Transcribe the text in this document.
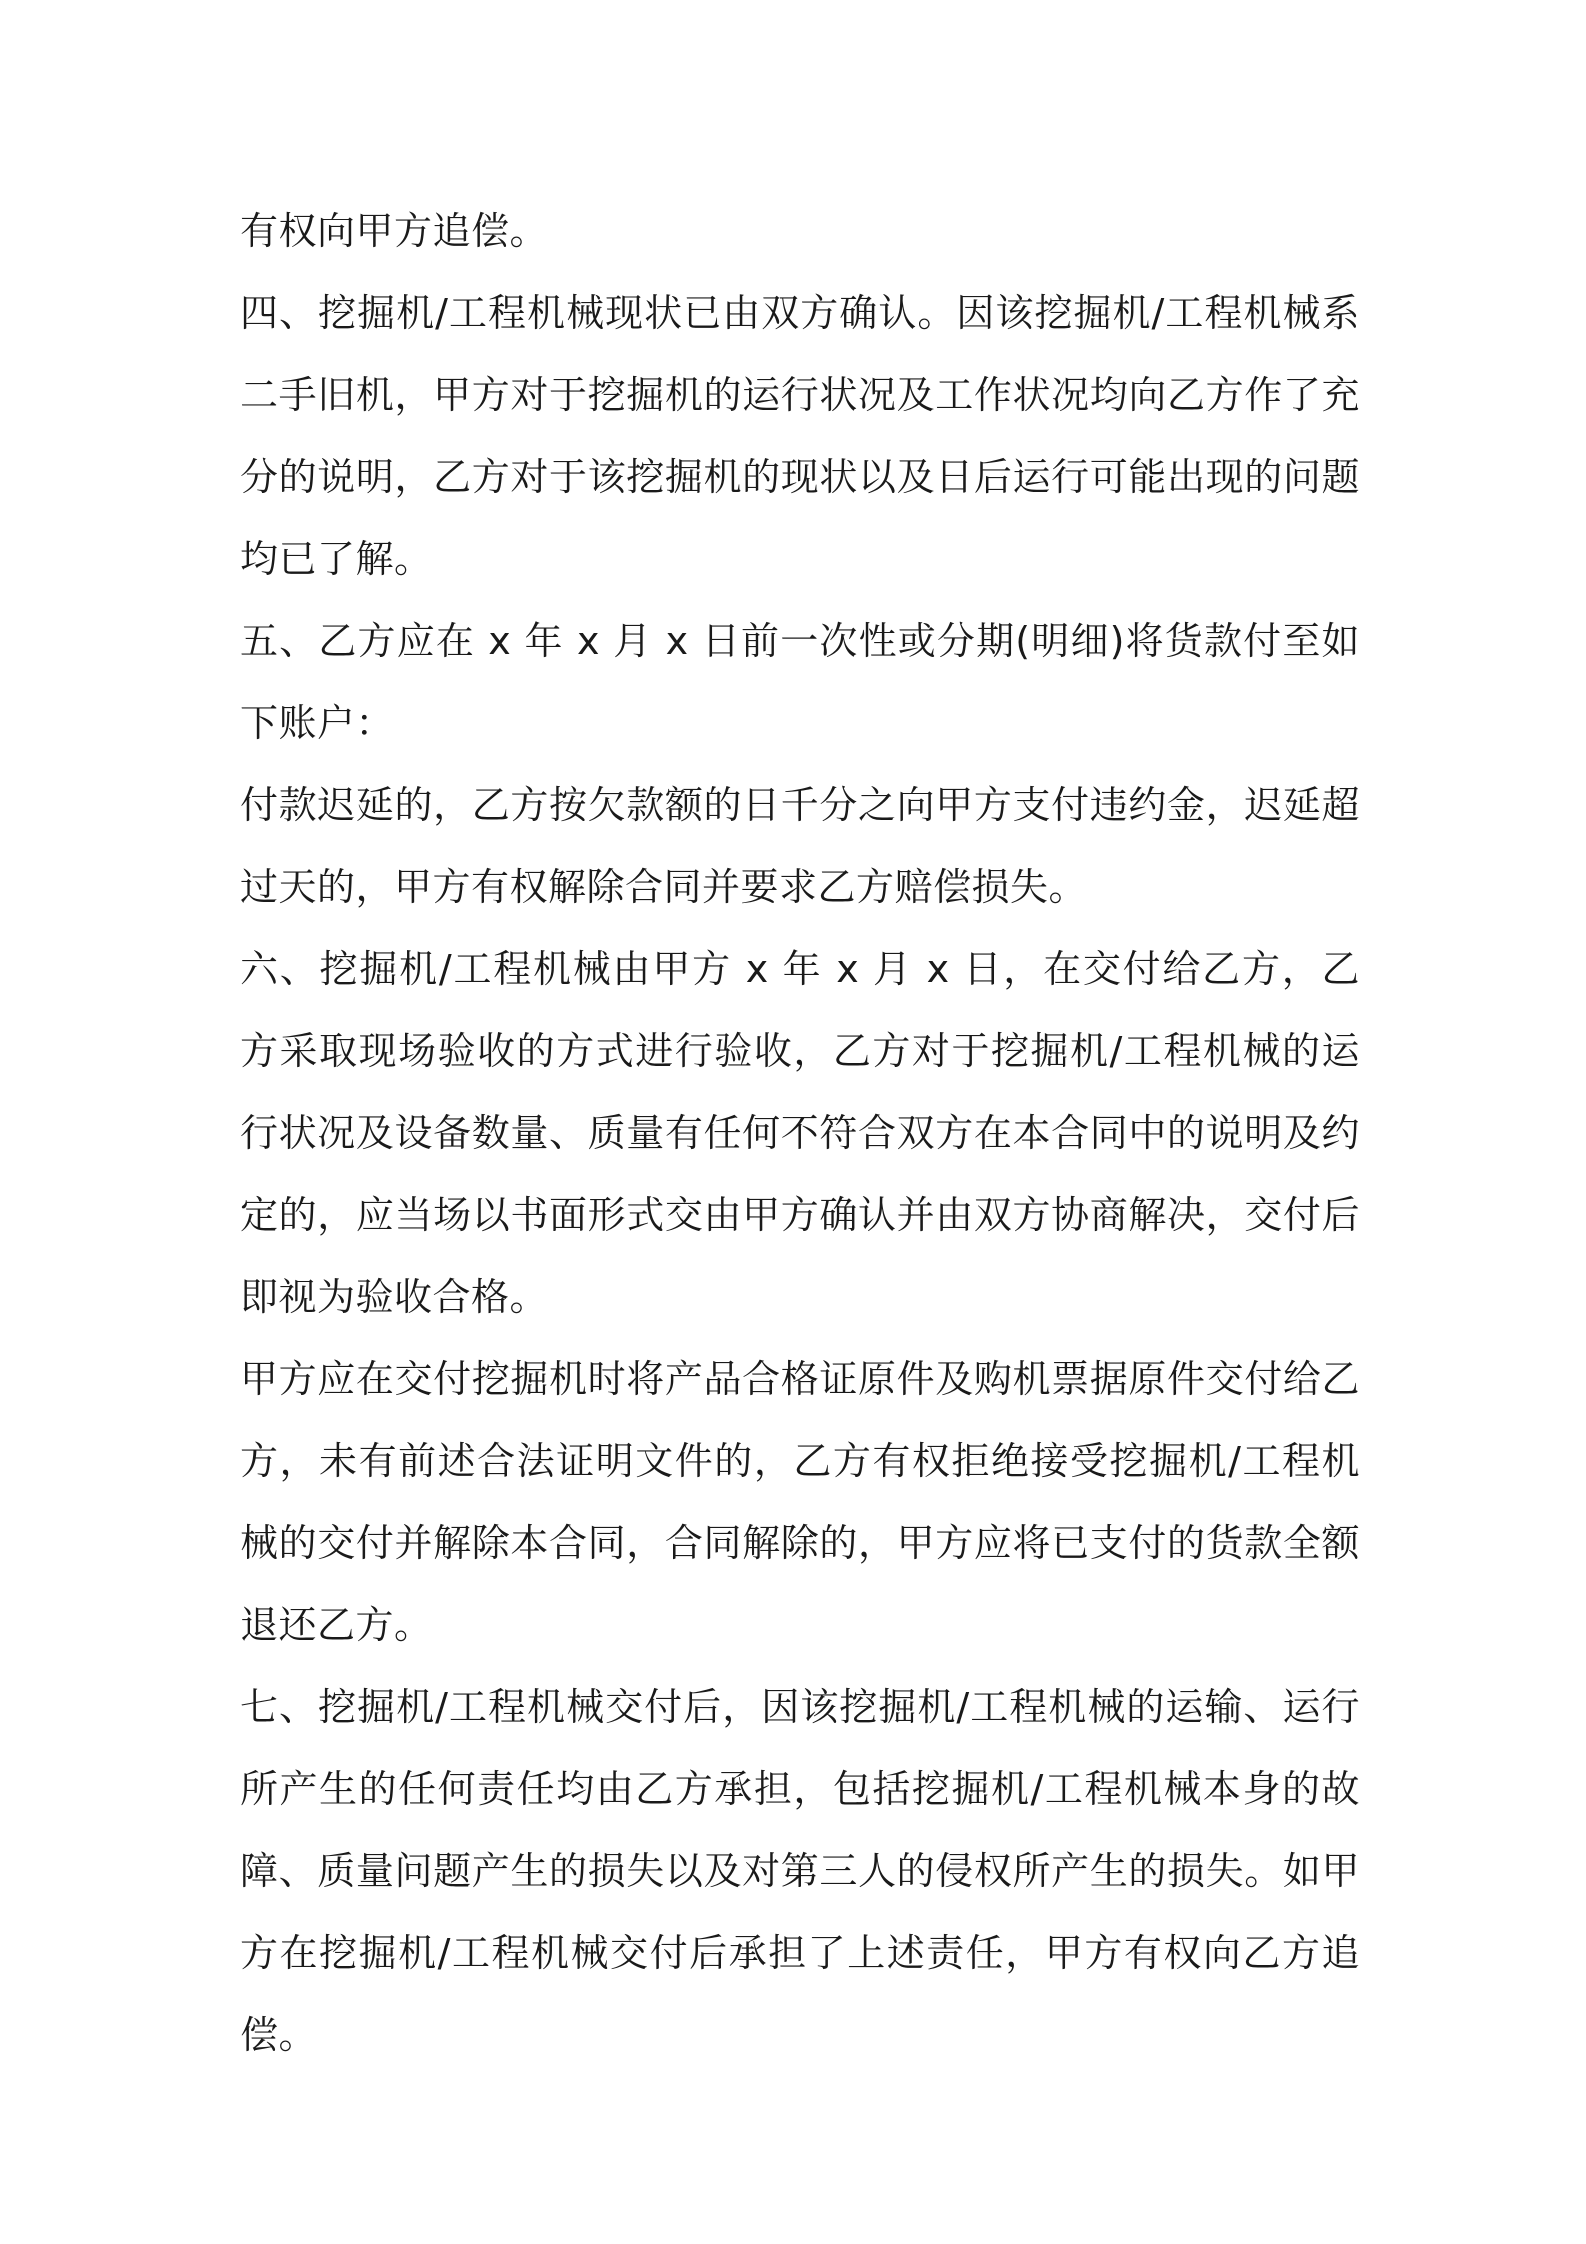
有权向甲方追偿。

四、挖掘机/工程机械现状已由双方确认。因该挖掘机/工程机械系二手旧机，甲方对于挖掘机的运行状况及工作状况均向乙方作了充分的说明，乙方对于该挖掘机的现状以及日后运行可能出现的问题均已了解。

五、乙方应在 x 年 x 月 x 日前一次性或分期(明细)将货款付至如下账户：

付款迟延的，乙方按欠款额的日千分之向甲方支付违约金，迟延超过天的，甲方有权解除合同并要求乙方赔偿损失。

六、挖掘机/工程机械由甲方 x 年 x 月 x 日，在交付给乙方，乙方采取现场验收的方式进行验收，乙方对于挖掘机/工程机械的运行状况及设备数量、质量有任何不符合双方在本合同中的说明及约定的，应当场以书面形式交由甲方确认并由双方协商解决，交付后即视为验收合格。

甲方应在交付挖掘机时将产品合格证原件及购机票据原件交付给乙方，未有前述合法证明文件的，乙方有权拒绝接受挖掘机/工程机械的交付并解除本合同，合同解除的，甲方应将已支付的货款全额退还乙方。

七、挖掘机/工程机械交付后，因该挖掘机/工程机械的运输、运行所产生的任何责任均由乙方承担，包括挖掘机/工程机械本身的故障、质量问题产生的损失以及对第三人的侵权所产生的损失。如甲方在挖掘机/工程机械交付后承担了上述责任，甲方有权向乙方追偿。
